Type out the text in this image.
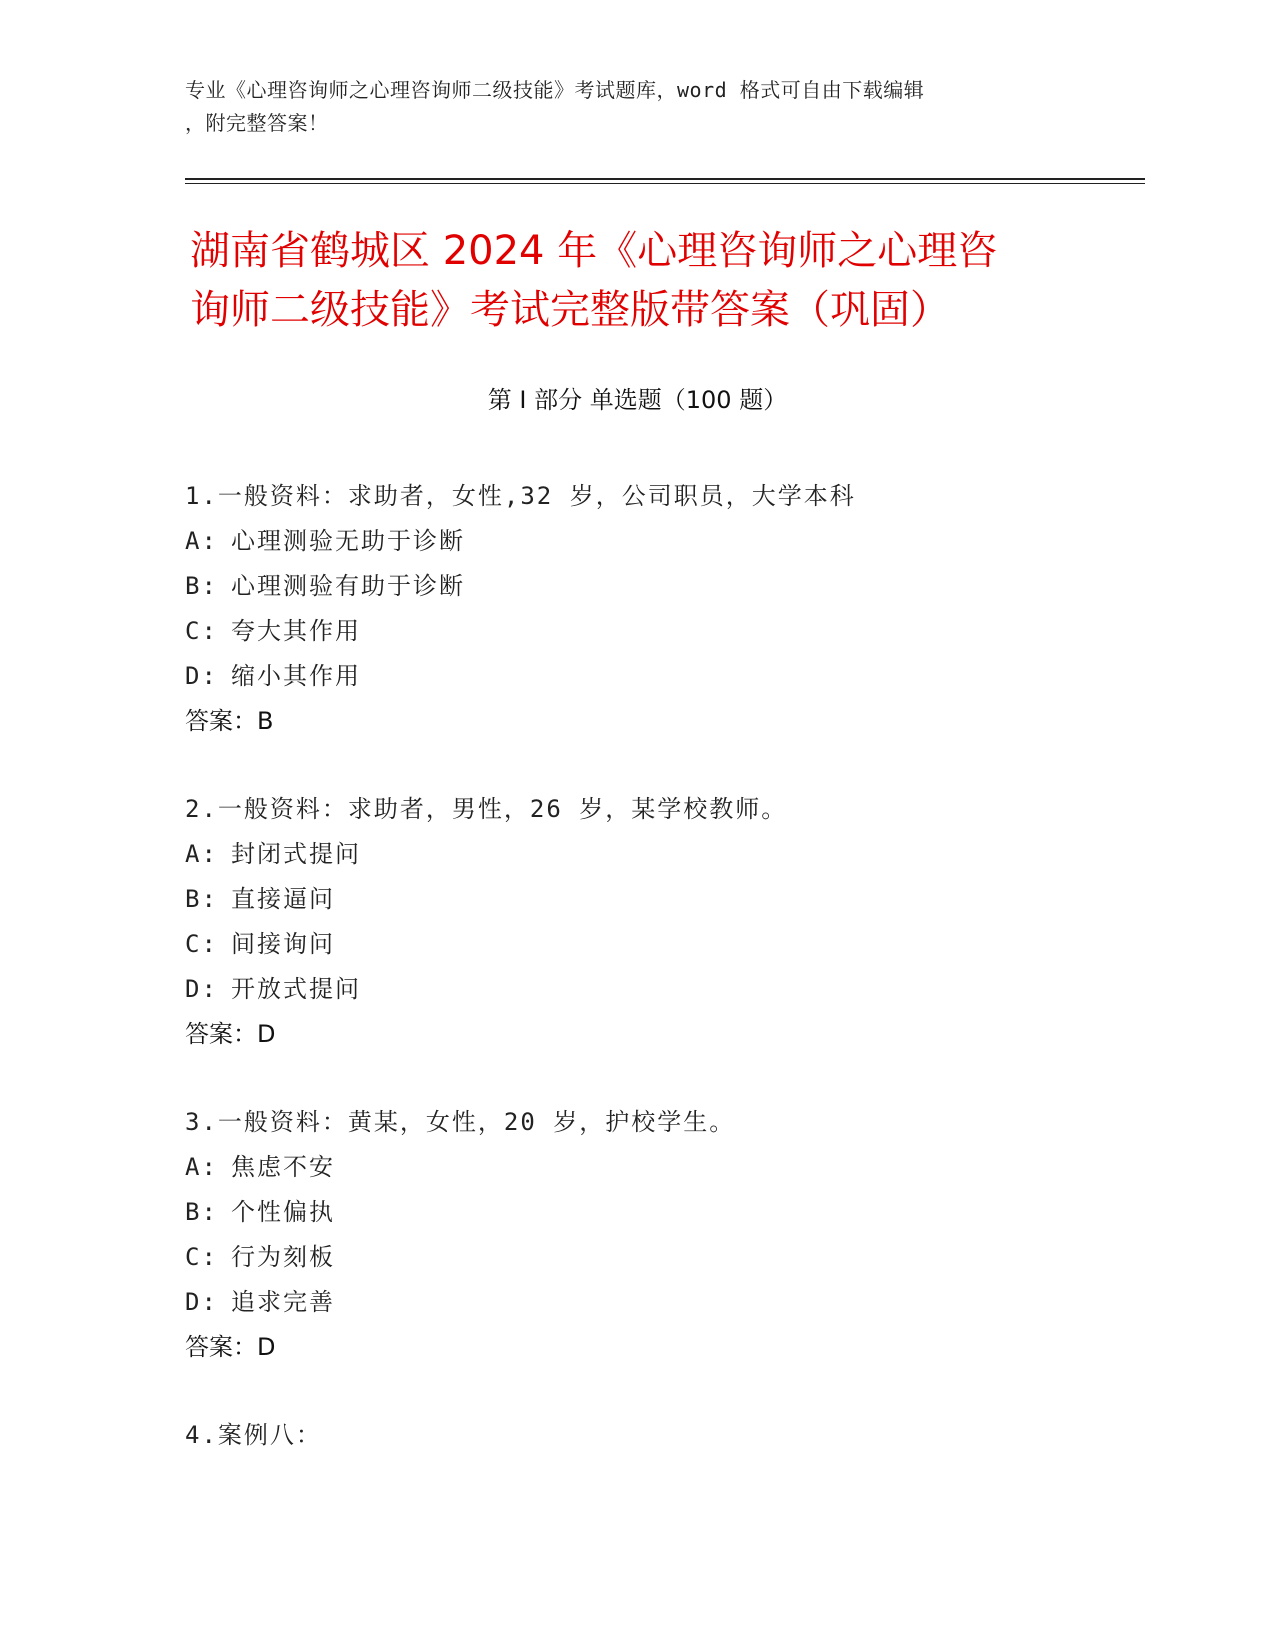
专业《心理咨询师之心理咨询师二级技能》考试题库，word 格式可自由下载编辑
，附完整答案！
湖南省鹤城区 2024 年《心理咨询师之心理咨
询师二级技能》考试完整版带答案（巩固）
第 I 部分 单选题（100 题）
1.一般资料：求助者，女性,32 岁，公司职员，大学本科
A: 心理测验无助于诊断
B: 心理测验有助于诊断
C: 夸大其作用
D: 缩小其作用
答案：B
2.一般资料：求助者，男性，26 岁，某学校教师。
A: 封闭式提问
B: 直接逼问
C: 间接询问
D: 开放式提问
答案：D
3.一般资料：黄某，女性，20 岁，护校学生。
A: 焦虑不安
B: 个性偏执
C: 行为刻板
D: 追求完善
答案：D
4.案例八：
